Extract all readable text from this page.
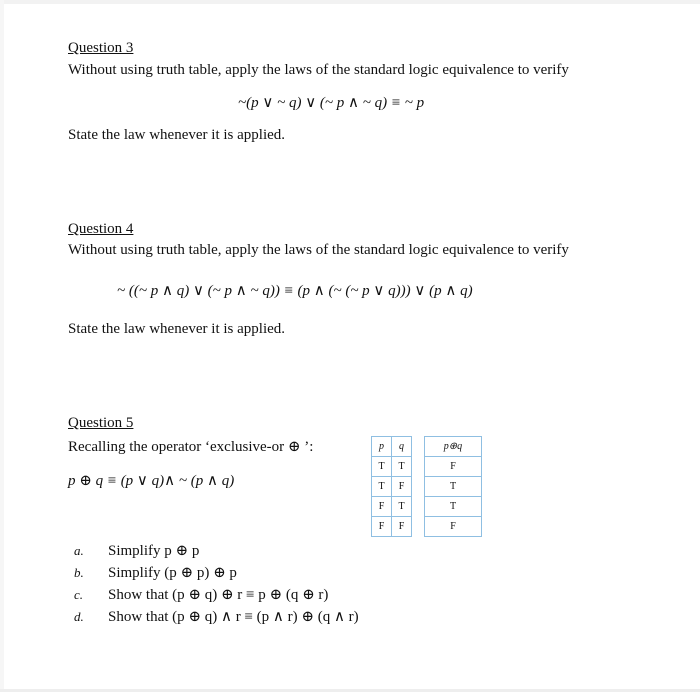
Question 3
Without using truth table, apply the laws of the standard logic equivalence to verify
~(p ∨ ~ q) ∨ (~ p ∧ ~ q) ≡ ~ p
State the law whenever it is applied.
Question 4
Without using truth table, apply the laws of the standard logic equivalence to verify
~ ((~ p ∧ q) ∨ (~ p ∧ ~ q)) ≡ (p ∧ (~ (~ p ∨ q))) ∨ (p ∧ q)
State the law whenever it is applied.
Question 5
Recalling the operator ‘exclusive-or ⊕ ’:
p ⊕ q ≡ (p ∨ q)∧ ~ (p ∧ q)
p	q		p⊕q
T	T		F
T	F		T
F	T		T
F	F		F
a. Simplify p ⊕ p
b. Simplify (p ⊕ p) ⊕ p
c. Show that (p ⊕ q) ⊕ r ≡ p ⊕ (q ⊕ r)
d. Show that (p ⊕ q) ∧ r ≡ (p ∧ r) ⊕ (q ∧ r)
